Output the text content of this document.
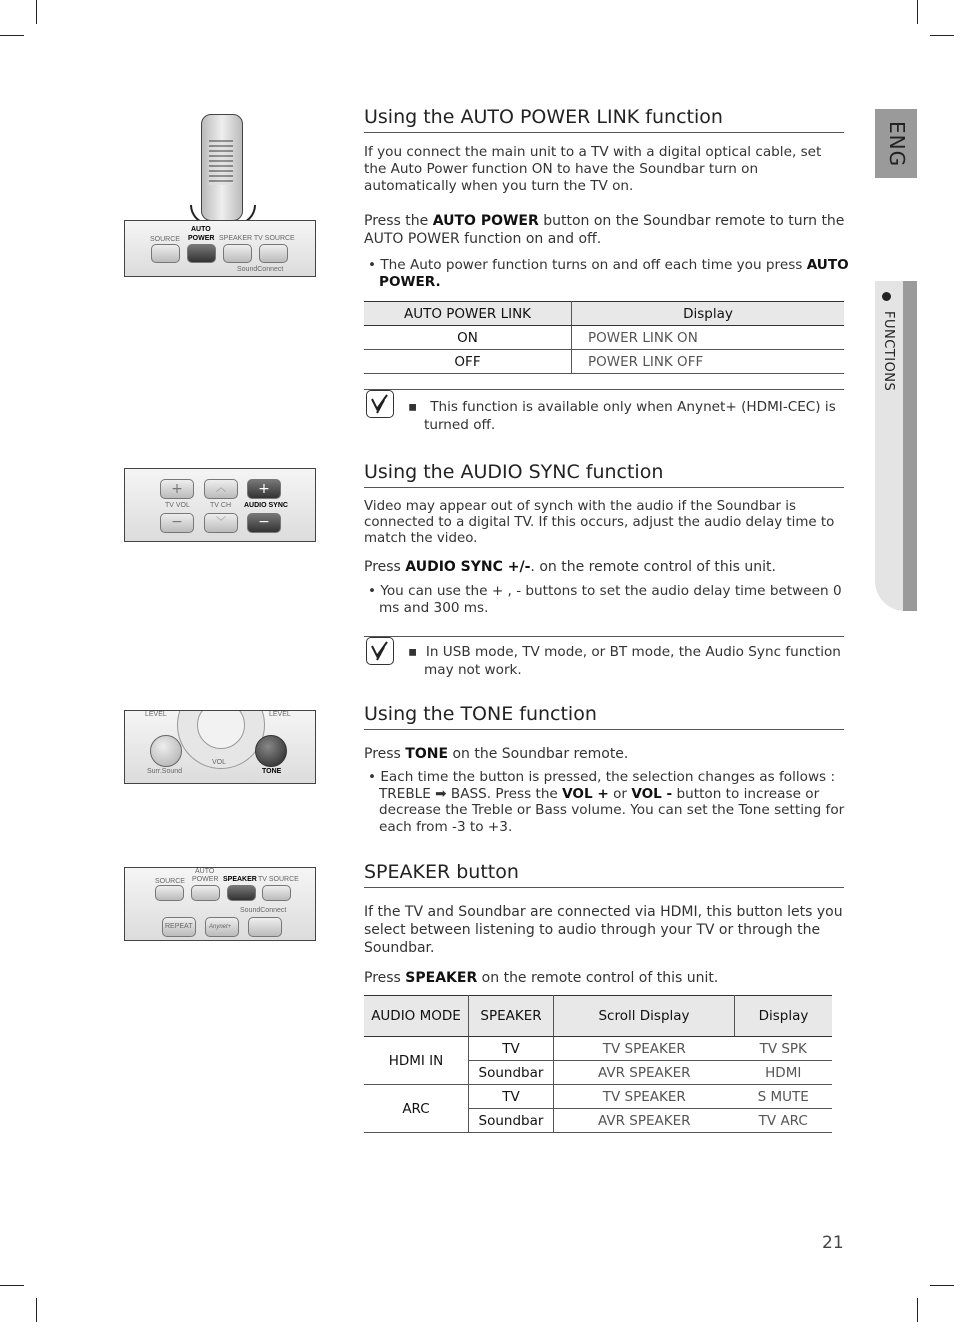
ENG
FUNCTIONS
SOURCE
AUTO
POWER SPEAKER TV SOURCE
SoundConnect
Using the AUTO POWER LINK function

If you connect the main unit to a TV with a digital optical cable, set the Auto Power function ON to have the Soundbar turn on automatically when you turn the TV on.

Press the AUTO POWER button on the Soundbar remote to turn the AUTO POWER function on and off.

• The Auto power function turns on and off each time you press AUTO POWER.

AUTO POWER LINK	Display
ON	POWER LINK ON
OFF	POWER LINK OFF
▪   This function is available only when Anynet+ (HDMI-CEC) is turned off.
+	︿	+
TV VOL	TV CH AUDIO SYNC
−	﹀	−
Using the AUDIO SYNC function

Video may appear out of synch with the audio if the Soundbar is connected to a digital TV. If this occurs, adjust the audio delay time to match the video.

Press AUDIO SYNC +/-. on the remote control of this unit.

• You can use the + , - buttons to set the audio delay time between 0 ms and 300 ms.

▪  In USB mode, TV mode, or BT mode, the Audio Sync function may not work.
LEVEL	LEVEL
VOL
Surr.Sound	TONE
Using the TONE function

Press TONE on the Soundbar remote.

• Each time the button is pressed, the selection changes as follows : TREBLE ➡ BASS. Press the VOL + or VOL - button to increase or decrease the Treble or Bass volume. You can set the Tone setting for each from -3 to +3.

SOURCE
AUTO
POWER SPEAKER TV SOURCE
SoundConnect
REPEAT	Anynet+
SPEAKER button

If the TV and Soundbar are connected via HDMI, this button lets you select between listening to audio through your TV or through the Soundbar.

Press SPEAKER on the remote control of this unit.

AUDIO MODE	SPEAKER	Scroll Display	Display
HDMI IN	TV	TV SPEAKER	TV SPK
	Soundbar	AVR SPEAKER	HDMI
ARC	TV	TV SPEAKER	S MUTE
	Soundbar	AVR SPEAKER	TV ARC
21
